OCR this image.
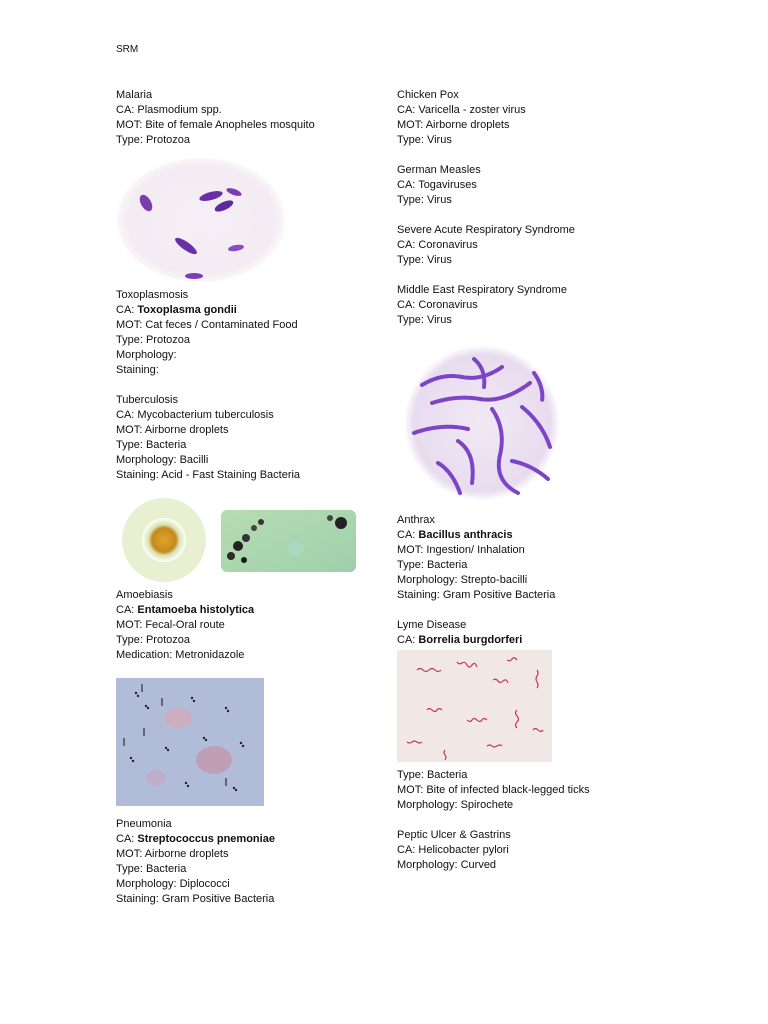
SRM
Malaria
CA: Plasmodium spp.
MOT: Bite of female Anopheles mosquito
Type: Protozoa
Toxoplasmosis
CA: Toxoplasma gondii
MOT: Cat feces / Contaminated Food
Type: Protozoa
Morphology:
Staining:
Tuberculosis
CA: Mycobacterium tuberculosis
MOT: Airborne droplets
Type: Bacteria
Morphology: Bacilli
Staining: Acid - Fast Staining Bacteria
Amoebiasis
CA: Entamoeba histolytica
MOT: Fecal-Oral route
Type: Protozoa
Medication: Metronidazole
Pneumonia
CA: Streptococcus pnemoniae
MOT: Airborne droplets
Type: Bacteria
Morphology: Diplococci
Staining: Gram Positive Bacteria
Chicken Pox
CA: Varicella - zoster virus
MOT: Airborne droplets
Type: Virus
German Measles
CA: Togaviruses
Type: Virus
Severe Acute Respiratory Syndrome
CA: Coronavirus
Type: Virus
Middle East Respiratory Syndrome
CA: Coronavirus
Type: Virus
Anthrax
CA: Bacillus anthracis
MOT: Ingestion/ Inhalation
Type: Bacteria
Morphology: Strepto-bacilli
Staining: Gram Positive Bacteria
Lyme Disease
CA: Borrelia burgdorferi
Type: Bacteria
MOT: Bite of infected black-legged ticks
Morphology: Spirochete
Peptic Ulcer & Gastrins
CA: Helicobacter pylori
Morphology: Curved
